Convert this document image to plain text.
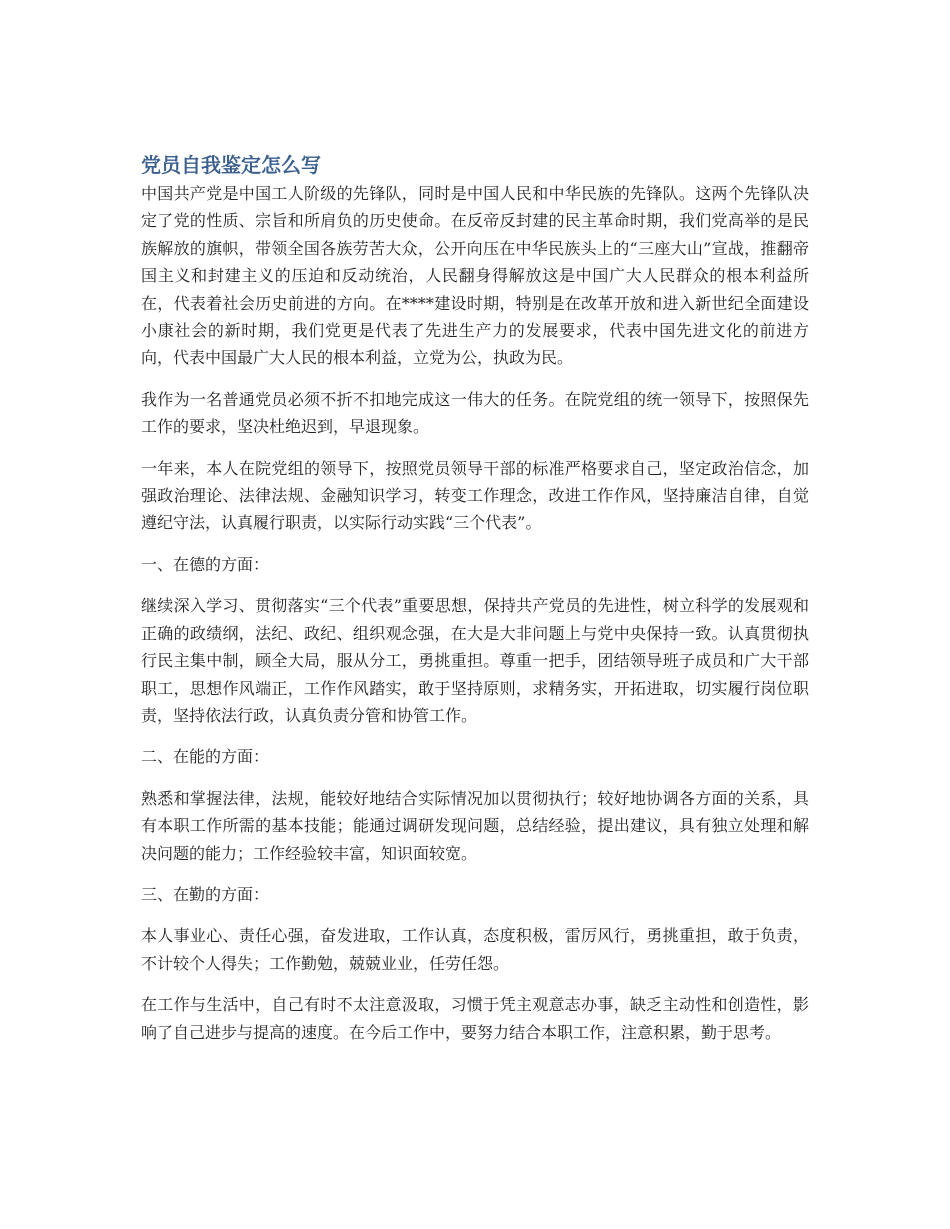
党员自我鉴定怎么写

中国共产党是中国工人阶级的先锋队，同时是中国人民和中华民族的先锋队。这两个先锋队决定了党的性质、宗旨和所肩负的历史使命。在反帝反封建的民主革命时期，我们党高举的是民族解放的旗帜，带领全国各族劳苦大众，公开向压在中华民族头上的“三座大山”宣战，推翻帝国主义和封建主义的压迫和反动统治，人民翻身得解放这是中国广大人民群众的根本利益所在，代表着社会历史前进的方向。在****建设时期，特别是在改革开放和进入新世纪全面建设小康社会的新时期，我们党更是代表了先进生产力的发展要求，代表中国先进文化的前进方向，代表中国最广大人民的根本利益，立党为公，执政为民。

我作为一名普通党员必须不折不扣地完成这一伟大的任务。在院党组的统一领导下，按照保先工作的要求，坚决杜绝迟到，早退现象。

一年来，本人在院党组的领导下，按照党员领导干部的标准严格要求自己，坚定政治信念，加强政治理论、法律法规、金融知识学习，转变工作理念，改进工作作风，坚持廉洁自律，自觉遵纪守法，认真履行职责，以实际行动实践“三个代表”。

一、在德的方面：

继续深入学习、贯彻落实“三个代表”重要思想，保持共产党员的先进性，树立科学的发展观和正确的政绩纲，法纪、政纪、组织观念强，在大是大非问题上与党中央保持一致。认真贯彻执行民主集中制，顾全大局，服从分工，勇挑重担。尊重一把手，团结领导班子成员和广大干部职工，思想作风端正，工作作风踏实，敢于坚持原则，求精务实，开拓进取，切实履行岗位职责，坚持依法行政，认真负责分管和协管工作。

二、在能的方面：

熟悉和掌握法律，法规，能较好地结合实际情况加以贯彻执行；较好地协调各方面的关系，具有本职工作所需的基本技能；能通过调研发现问题，总结经验，提出建议，具有独立处理和解决问题的能力；工作经验较丰富，知识面较宽。

三、在勤的方面：

本人事业心、责任心强，奋发进取，工作认真，态度积极，雷厉风行，勇挑重担，敢于负责，不计较个人得失；工作勤勉，兢兢业业，任劳任怨。

在工作与生活中，自己有时不太注意汲取，习惯于凭主观意志办事，缺乏主动性和创造性，影响了自己进步与提高的速度。在今后工作中，要努力结合本职工作，注意积累，勤于思考。
